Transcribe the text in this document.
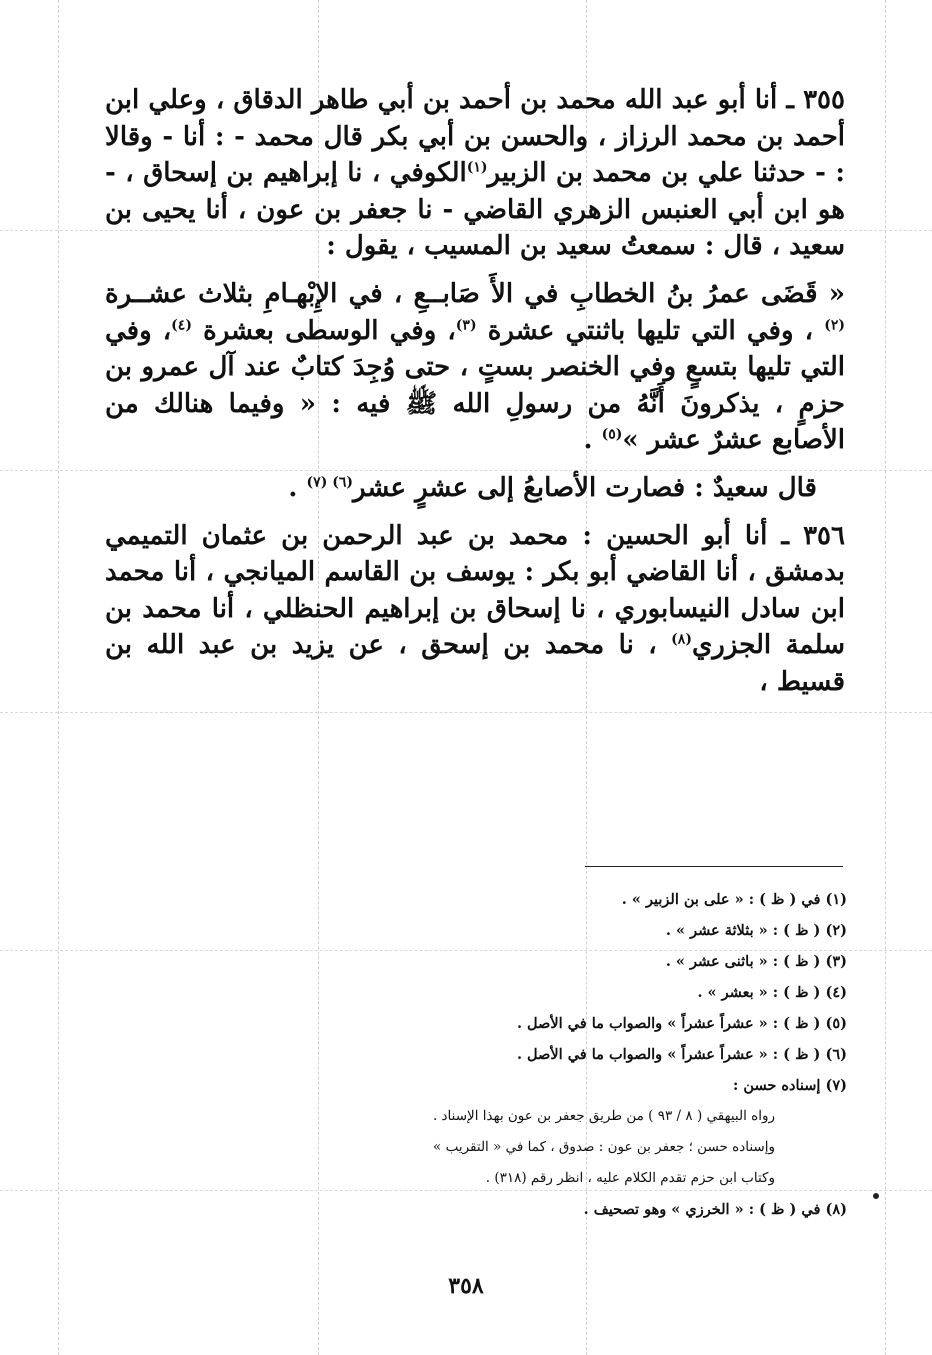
٣٥٥ ـ أنا أبو عبد الله محمد بن أحمد بن أبي طاهر الدقاق ، وعلي ابن أحمد بن محمد الرزاز ، والحسن بن أبي بكر قال محمد - : أنا - وقالا : - حدثنا علي بن محمد بن الزبير$^{(١)}$الكوفي ، نا إبراهيم بن إسحاق ، - هو ابن أبي العنبس الزهري القاضي - نا جعفر بن عون ، أنا يحيى بن سعيد ، قال : سمعتُ سعيد بن المسيب ، يقول :

« قَضَى عمرُ بنُ الخطابِ في الأَ صَابــعِ ، في الإِبْهـامِ بثلاث عشــرة $^{(٢)}$ ، وفي التي تليها باثنتي عشرة $^{(٣)}$، وفي الوسطى بعشرة $^{(٤)}$، وفي التي تليها بتسعٍ وفي الخنصر بستٍ ، حتى وُجِدَ كتابٌ عند آل عمرو بن حزمٍ ، يذكرونَ أَنَّهُ من رسولِ الله ﷺ فيه : « وفيما هنالك من الأصابع عشرٌ عشر »$^{(٥)}$ .

قال سعيدٌ : فصارت الأصابعُ إلى عشرٍ عشر$^{(٦) (٧)}$ .

٣٥٦ ـ أنا أبو الحسين : محمد بن عبد الرحمن بن عثمان التميمي بدمشق ، أنا القاضي أبو بكر : يوسف بن القاسم الميانجي ، أنا محمد ابن سادل النيسابوري ، نا إسحاق بن إبراهيم الحنظلي ، أنا محمد بن سلمة الجزري$^{(٨)}$ ، نا محمد بن إسحق ، عن يزيد بن عبد الله بن قسيط ،

(١) في ( ظ ) : « على بن الزبير » .

(٢) ( ظ ) : « بثلاثة عشر » .

(٣) ( ظ ) : « باثنى عشر » .

(٤) ( ظ ) : « بعشر » .

(٥) ( ظ ) : « عشراً عشراً » والصواب ما في الأصل .

(٦) ( ظ ) : « عشراً عشراً » والصواب ما في الأصل .

(٧) إسناده حسن :

رواه البيهقي ( ٨ / ٩٣ ) من طريق جعفر بن عون بهذا الإسناد .

وإسناده حسن ؛ جعفر بن عون : صدوق ، كما في « التقريب »

وكتاب ابن حزم تقدم الكلام عليه ، انظر رقم (٣١٨) .

(٨) في ( ظ ) : « الخرزي » وهو تصحيف .

٣٥٨
